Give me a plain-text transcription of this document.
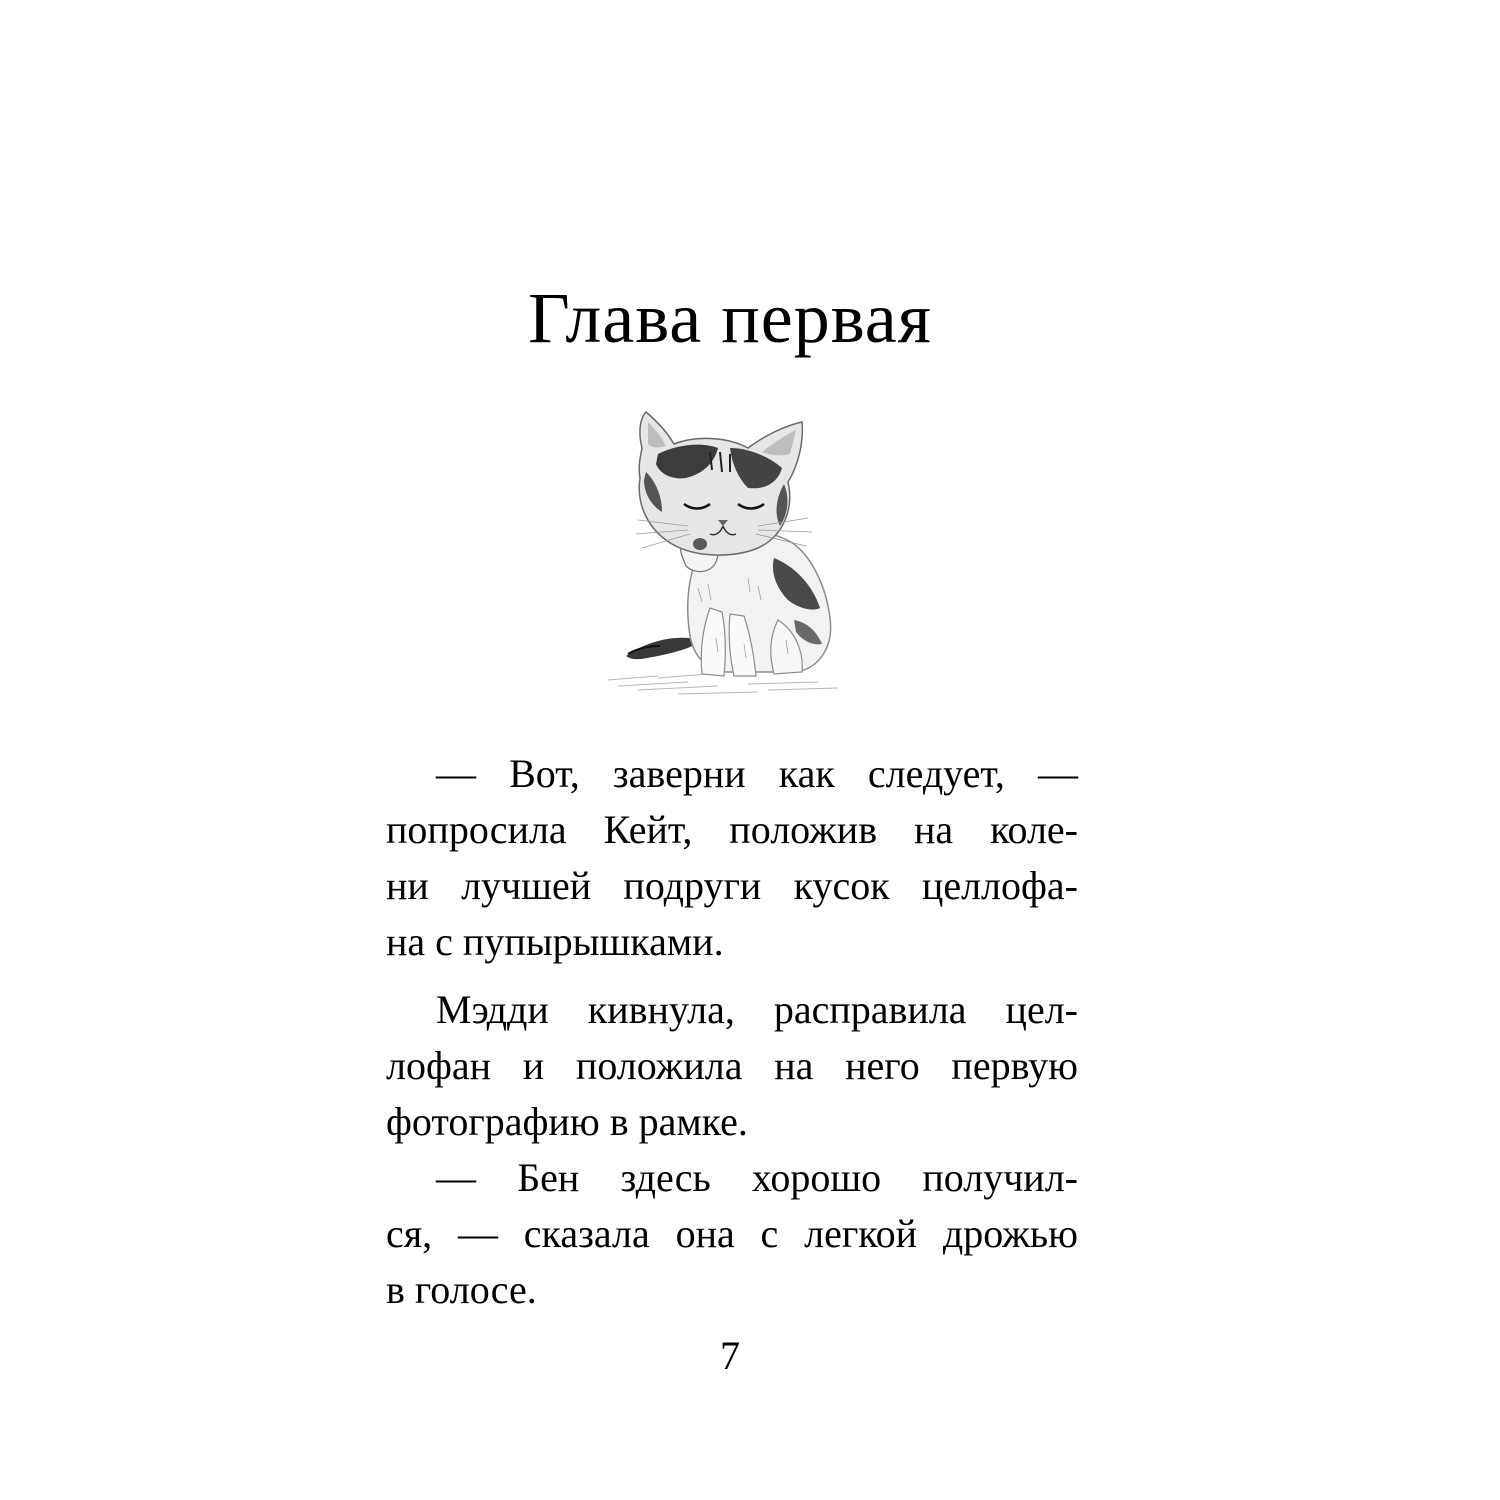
Глава первая
— Вот, заверни как следует, —
попросила Кейт, положив на коле-
ни лучшей подруги кусок целлофа-
на с пупырышками.
Мэдди кивнула, расправила цел-
лофан и положила на него первую
фотографию в рамке.
— Бен здесь хорошо получил-
ся, — сказала она с легкой дрожью
в голосе.
7
